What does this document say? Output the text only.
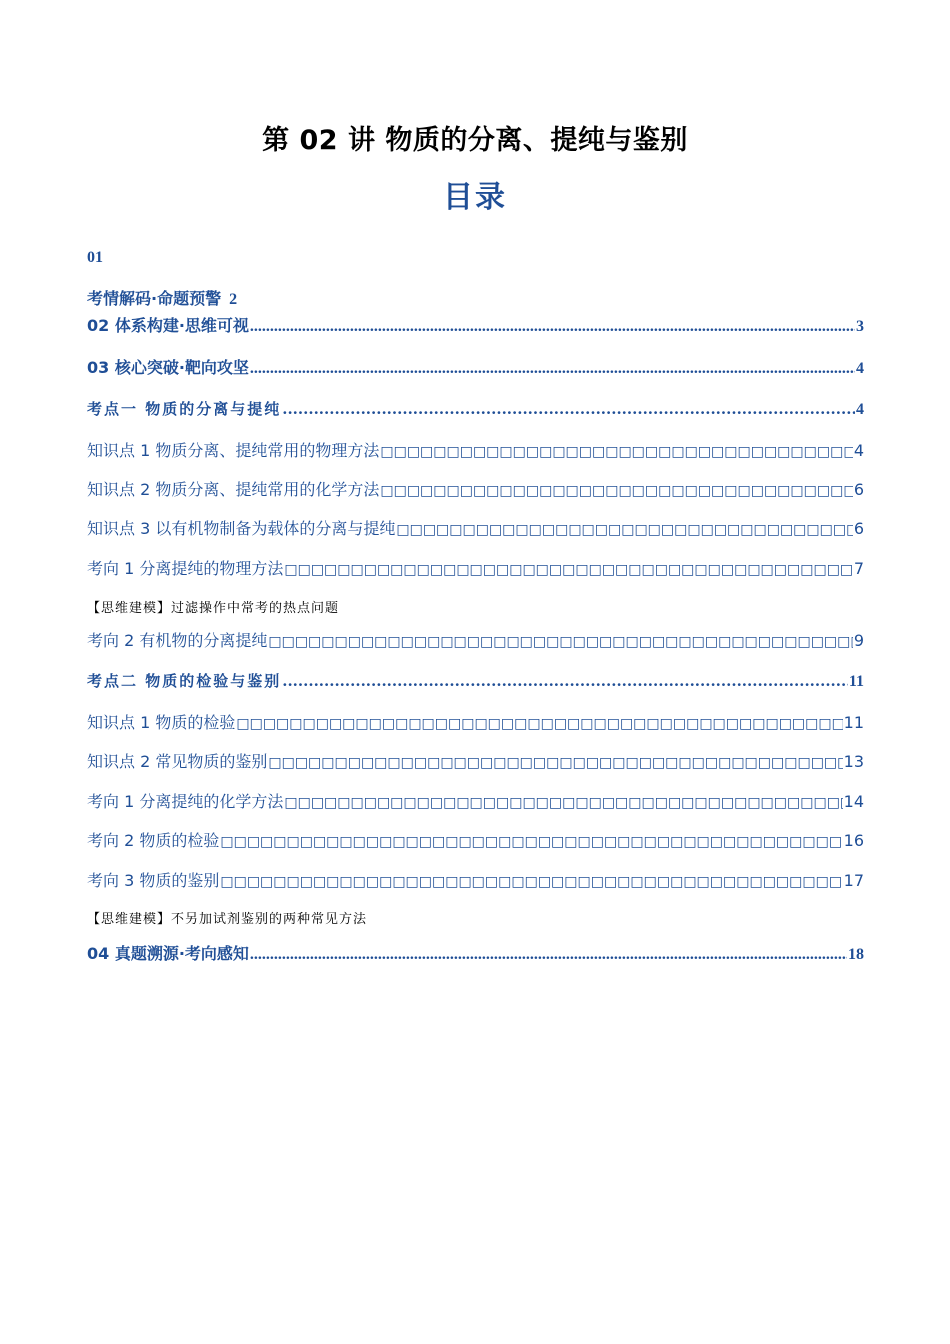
第 02 讲 物质的分离、提纯与鉴别
目录
01
考情解码·命题预警 2
02 体系构建·思维可视 .....	3
03 核心突破·靶向攻坚 .....	4
考点一 物质的分离与提纯 .....	4
知识点 1 物质分离、提纯常用的物理方法 □□□□□□□□□□□□□□□□□□□□□□□□□□□□□□□□□□□□□□□□□□□□□□□□□□□□□□□□□□□□□□□□□□□□□□□□□□□□□□	4
知识点 2 物质分离、提纯常用的化学方法 □□□□□□□□□□□□□□□□□□□□□□□□□□□□□□□□□□□□□□□□□□□□□□□□□□□□□□□□□□□□□□□□□□□□□□□□□□□□□□	6
知识点 3 以有机物制备为载体的分离与提纯 □□□□□□□□□□□□□□□□□□□□□□□□□□□□□□□□□□□□□□□□□□□□□□□□□□□□□□□□□□□□□□□□□□□□□□□□□□□□□□	6
考向 1 分离提纯的物理方法 □□□□□□□□□□□□□□□□□□□□□□□□□□□□□□□□□□□□□□□□□□□□□□□□□□□□□□□□□□□□□□□□□□□□□□□□□□□□□□	7
【思维建模】过滤操作中常考的热点问题
考向 2 有机物的分离提纯 □□□□□□□□□□□□□□□□□□□□□□□□□□□□□□□□□□□□□□□□□□□□□□□□□□□□□□□□□□□□□□□□□□□□□□□□□□□□□□	9
考点二 物质的检验与鉴别 .....	11
知识点 1 物质的检验 □□□□□□□□□□□□□□□□□□□□□□□□□□□□□□□□□□□□□□□□□□□□□□□□□□□□□□□□□□□□□□□□□□□□□□□□□□□□□□	11
知识点 2 常见物质的鉴别 □□□□□□□□□□□□□□□□□□□□□□□□□□□□□□□□□□□□□□□□□□□□□□□□□□□□□□□□□□□□□□□□□□□□□□□□□□□□□□	13
考向 1 分离提纯的化学方法 □□□□□□□□□□□□□□□□□□□□□□□□□□□□□□□□□□□□□□□□□□□□□□□□□□□□□□□□□□□□□□□□□□□□□□□□□□□□□□	14
考向 2 物质的检验 □□□□□□□□□□□□□□□□□□□□□□□□□□□□□□□□□□□□□□□□□□□□□□□□□□□□□□□□□□□□□□□□□□□□□□□□□□□□□□	16
考向 3 物质的鉴别 □□□□□□□□□□□□□□□□□□□□□□□□□□□□□□□□□□□□□□□□□□□□□□□□□□□□□□□□□□□□□□□□□□□□□□□□□□□□□□	17
【思维建模】不另加试剂鉴别的两种常见方法
04 真题溯源·考向感知 .....	18
